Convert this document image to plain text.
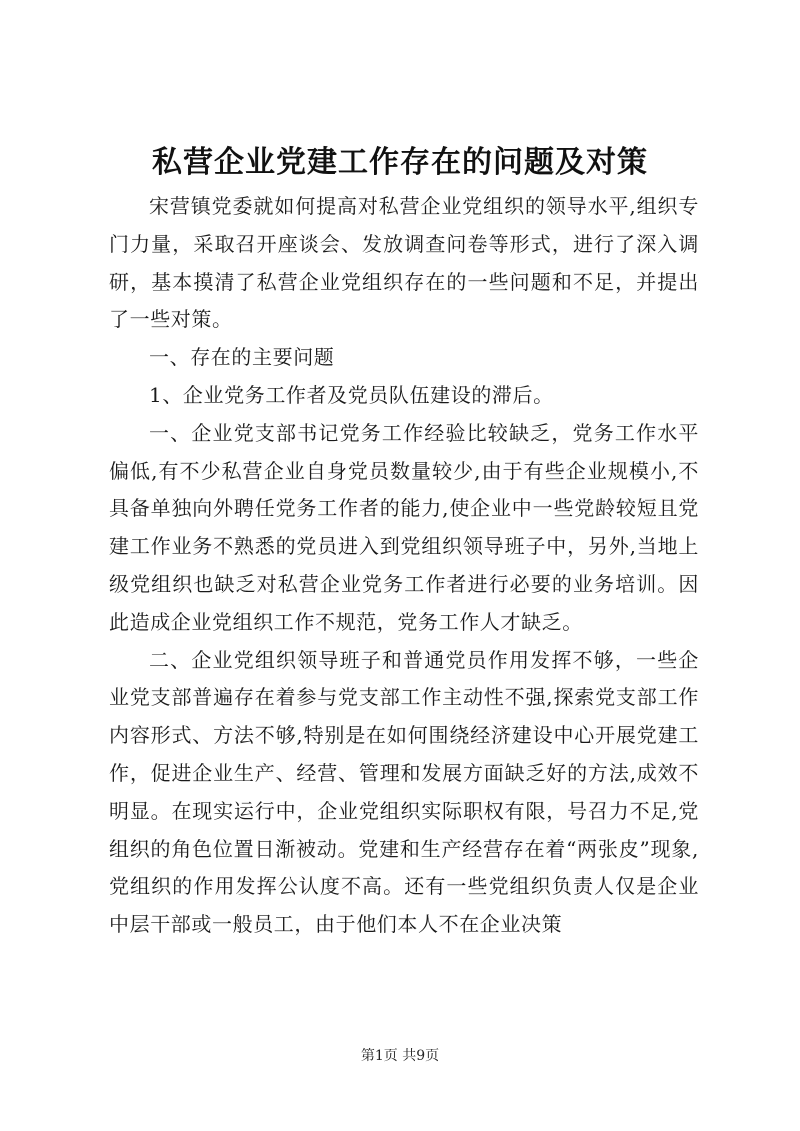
私营企业党建工作存在的问题及对策

宋营镇党委就如何提高对私营企业党组织的领导水平,组织专门力量，采取召开座谈会、发放调查问卷等形式，进行了深入调研，基本摸清了私营企业党组织存在的一些问题和不足，并提出了一些对策。

一、存在的主要问题

1、企业党务工作者及党员队伍建设的滞后。

一、企业党支部书记党务工作经验比较缺乏，党务工作水平偏低,有不少私营企业自身党员数量较少,由于有些企业规模小,不具备单独向外聘任党务工作者的能力,使企业中一些党龄较短且党建工作业务不熟悉的党员进入到党组织领导班子中，另外,当地上级党组织也缺乏对私营企业党务工作者进行必要的业务培训。因此造成企业党组织工作不规范，党务工作人才缺乏。

二、企业党组织领导班子和普通党员作用发挥不够，一些企业党支部普遍存在着参与党支部工作主动性不强,探索党支部工作内容形式、方法不够,特别是在如何围绕经济建设中心开展党建工作，促进企业生产、经营、管理和发展方面缺乏好的方法,成效不明显。在现实运行中，企业党组织实际职权有限，号召力不足,党组织的角色位置日渐被动。党建和生产经营存在着“两张皮”现象,党组织的作用发挥公认度不高。还有一些党组织负责人仅是企业中层干部或一般员工，由于他们本人不在企业决策

第1页 共9页
